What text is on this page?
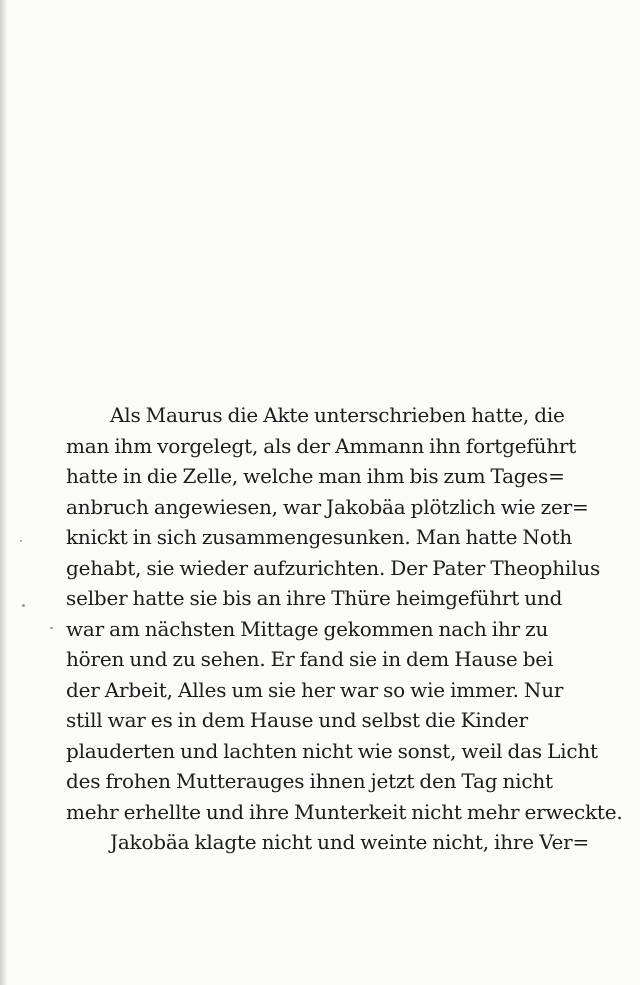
Als Maurus die Akte unterschrieben hatte, die
man ihm vorgelegt, als der Ammann ihn fortgeführt
hatte in die Zelle, welche man ihm bis zum Tages=
anbruch angewiesen, war Jakobäa plötzlich wie zer=
knickt in sich zusammengesunken. Man hatte Noth
gehabt, sie wieder aufzurichten. Der Pater Theophilus
selber hatte sie bis an ihre Thüre heimgeführt und
war am nächsten Mittage gekommen nach ihr zu
hören und zu sehen. Er fand sie in dem Hause bei
der Arbeit, Alles um sie her war so wie immer. Nur
still war es in dem Hause und selbst die Kinder
plauderten und lachten nicht wie sonst, weil das Licht
des frohen Mutterauges ihnen jetzt den Tag nicht
mehr erhellte und ihre Munterkeit nicht mehr erweckte.
Jakobäa klagte nicht und weinte nicht, ihre Ver=
